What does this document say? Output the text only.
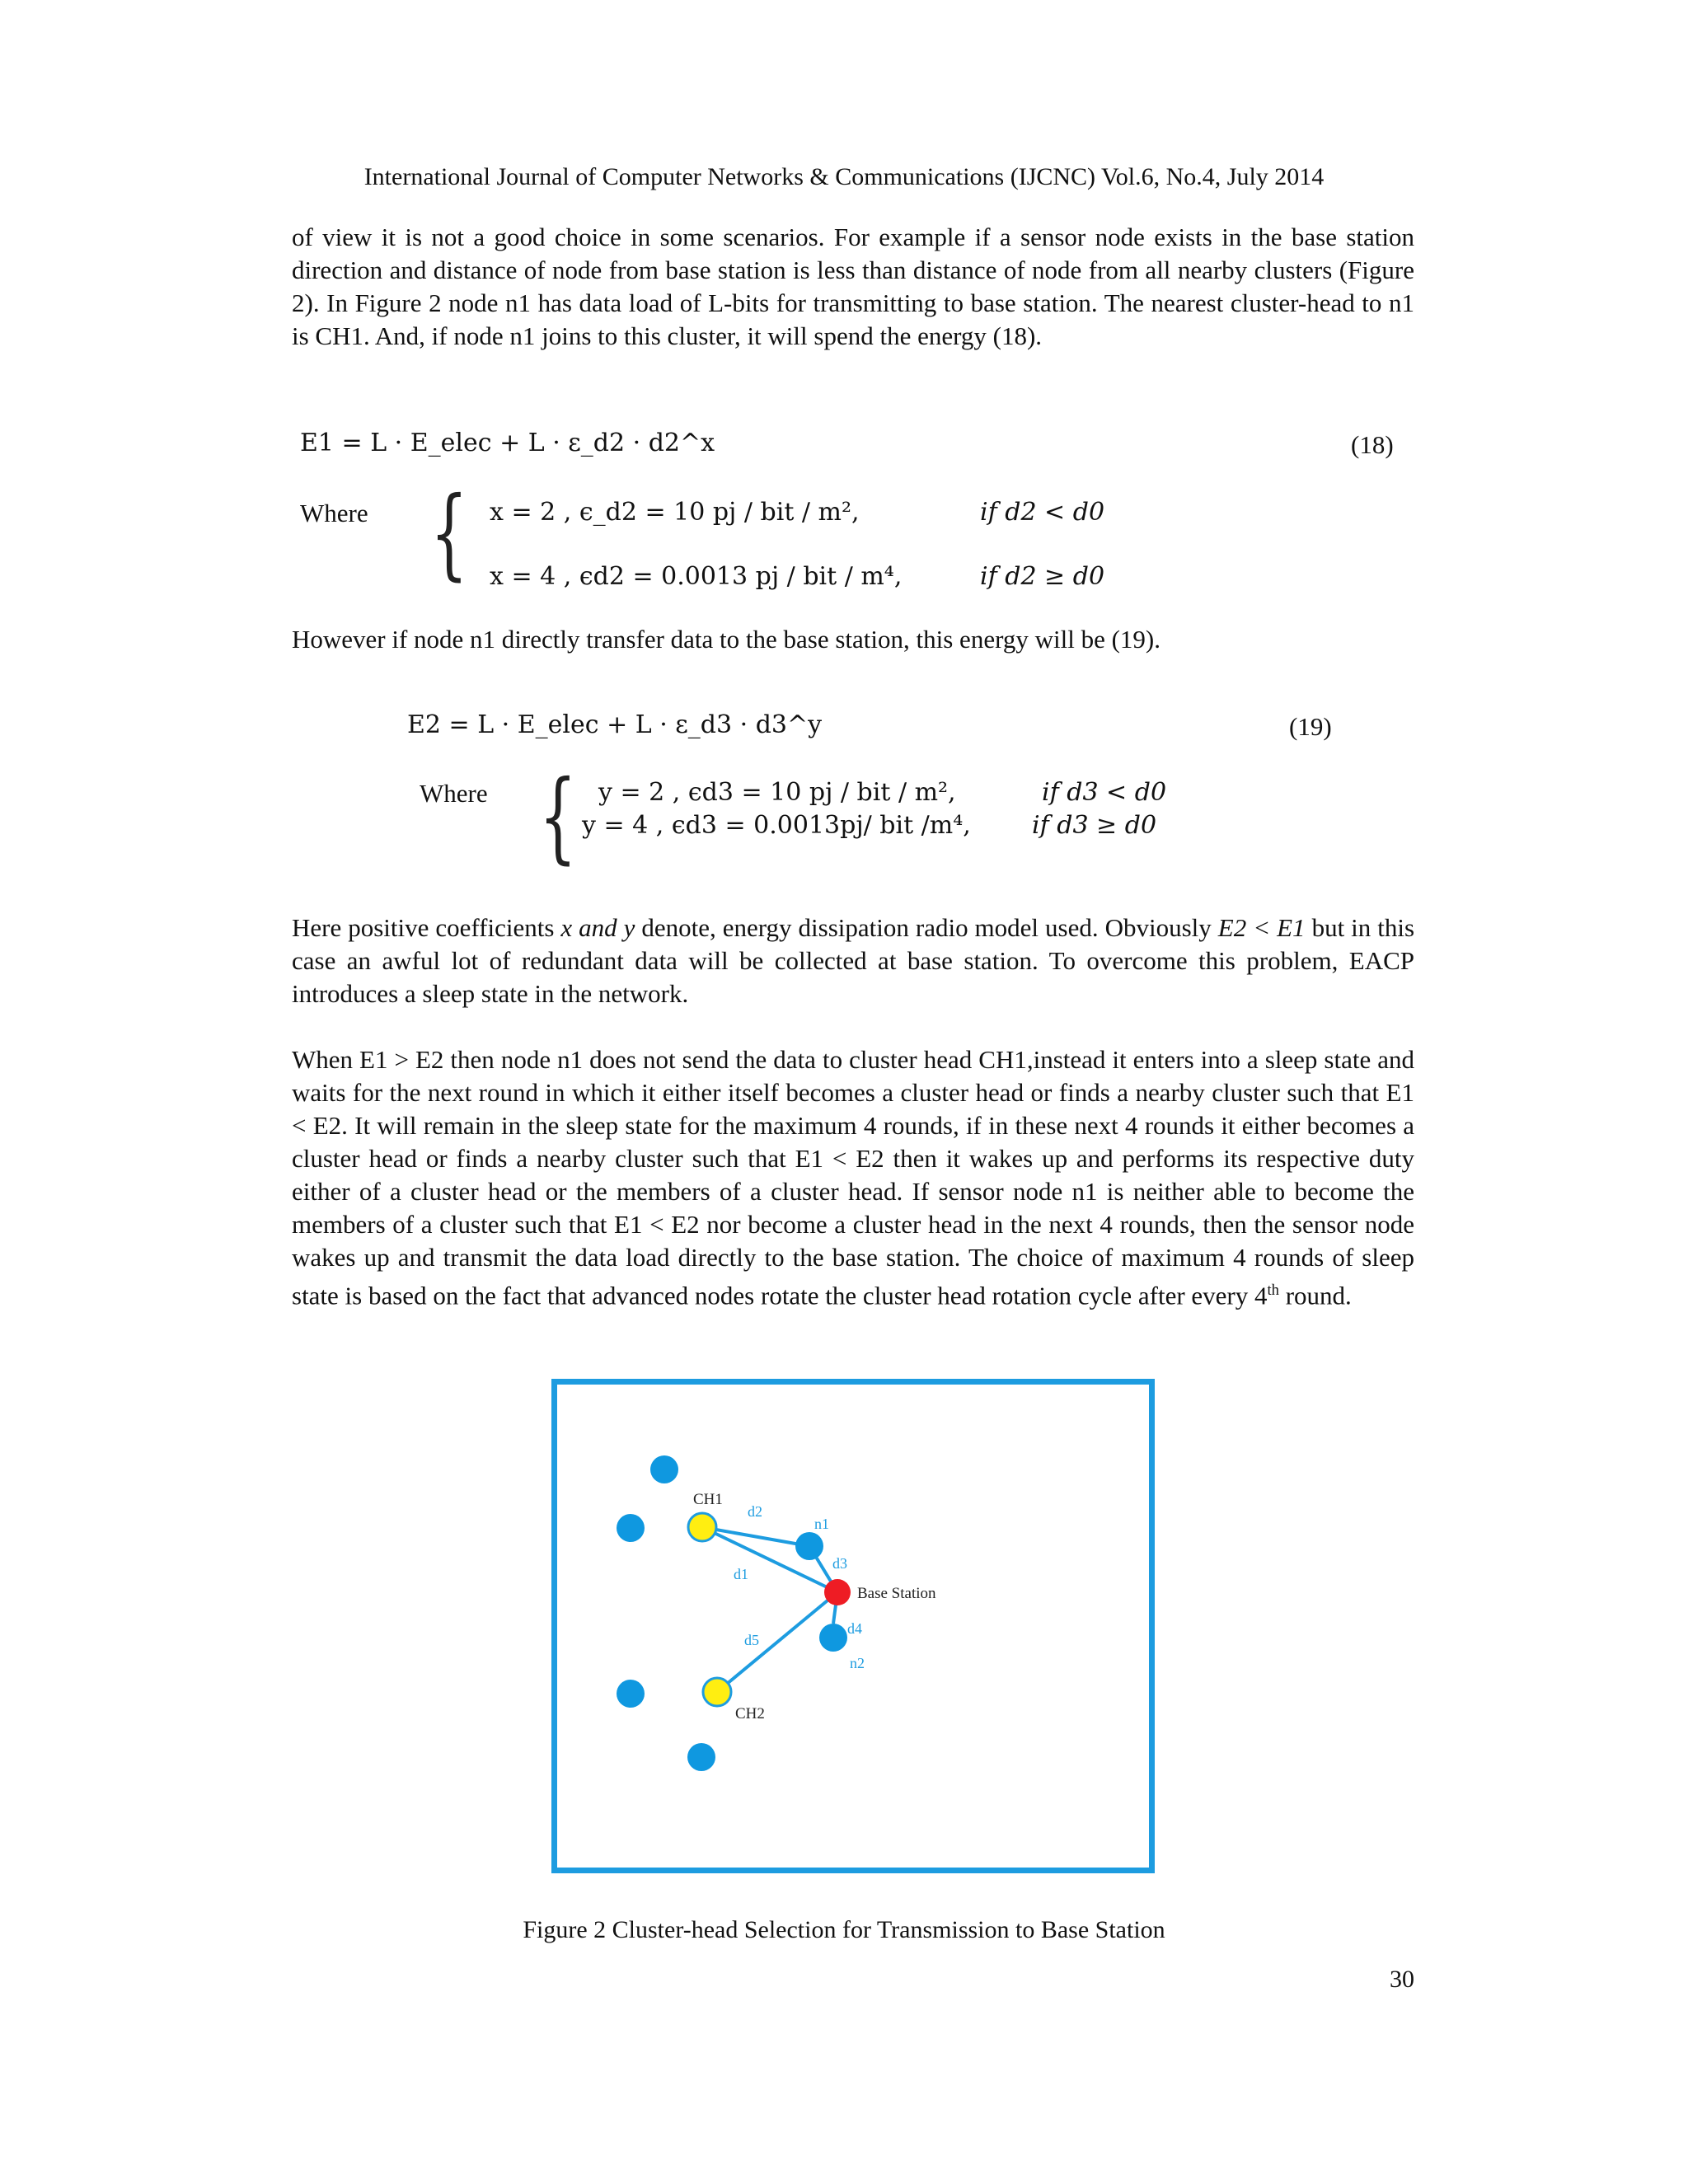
International Journal of Computer Networks & Communications (IJCNC) Vol.6, No.4, July 2014

of view it is not a good choice in some scenarios. For example if a sensor node exists in the base station direction and distance of node from base station is less than distance of node from all nearby clusters (Figure 2). In Figure 2 node n1 has data load of L-bits for transmitting to base station. The nearest cluster-head to n1 is CH1. And, if node n1 joins to this cluster, it will spend the energy (18).

E1 = L · E_elec + L · ε_d2 · d2^x	(18)
Where { x = 2 , ϵ_d2 = 10 pj / bit / m²,	if d2 < d0
x = 4 , ϵd2 = 0.0013 pj / bit / m⁴,	if d2 ≥ d0

However if node n1 directly transfer data to the base station, this energy will be (19).

E2 = L · E_elec + L · ε_d3 · d3^y	(19)
Where { y = 2 , ϵd3 = 10 pj / bit / m²,	if d3 < d0
y = 4 , ϵd3 = 0.0013pj/ bit /m⁴, if d3 ≥ d0

Here positive coefficients x and y denote, energy dissipation radio model used. Obviously E2 < E1 but in this case an awful lot of redundant data will be collected at base station. To overcome this problem, EACP introduces a sleep state in the network.

When E1 > E2 then node n1 does not send the data to cluster head CH1,instead it enters into a sleep state and waits for the next round in which it either itself becomes a cluster head or finds a nearby cluster such that E1 < E2. It will remain in the sleep state for the maximum 4 rounds, if in these next 4 rounds it either becomes a cluster head or finds a nearby cluster such that E1 < E2 then it wakes up and performs its respective duty either of a cluster head or the members of a cluster head. If sensor node n1 is neither able to become the members of a cluster such that E1 < E2 nor become a cluster head in the next 4 rounds, then the sensor node wakes up and transmit the data load directly to the base station. The choice of maximum 4 rounds of sleep state is based on the fact that advanced nodes rotate the cluster head rotation cycle after every 4th round.

CH1
d2
n1
d3
d1
Base Station
d4
d5
n2
CH2
Figure 2 Cluster-head Selection for Transmission to Base Station
30
